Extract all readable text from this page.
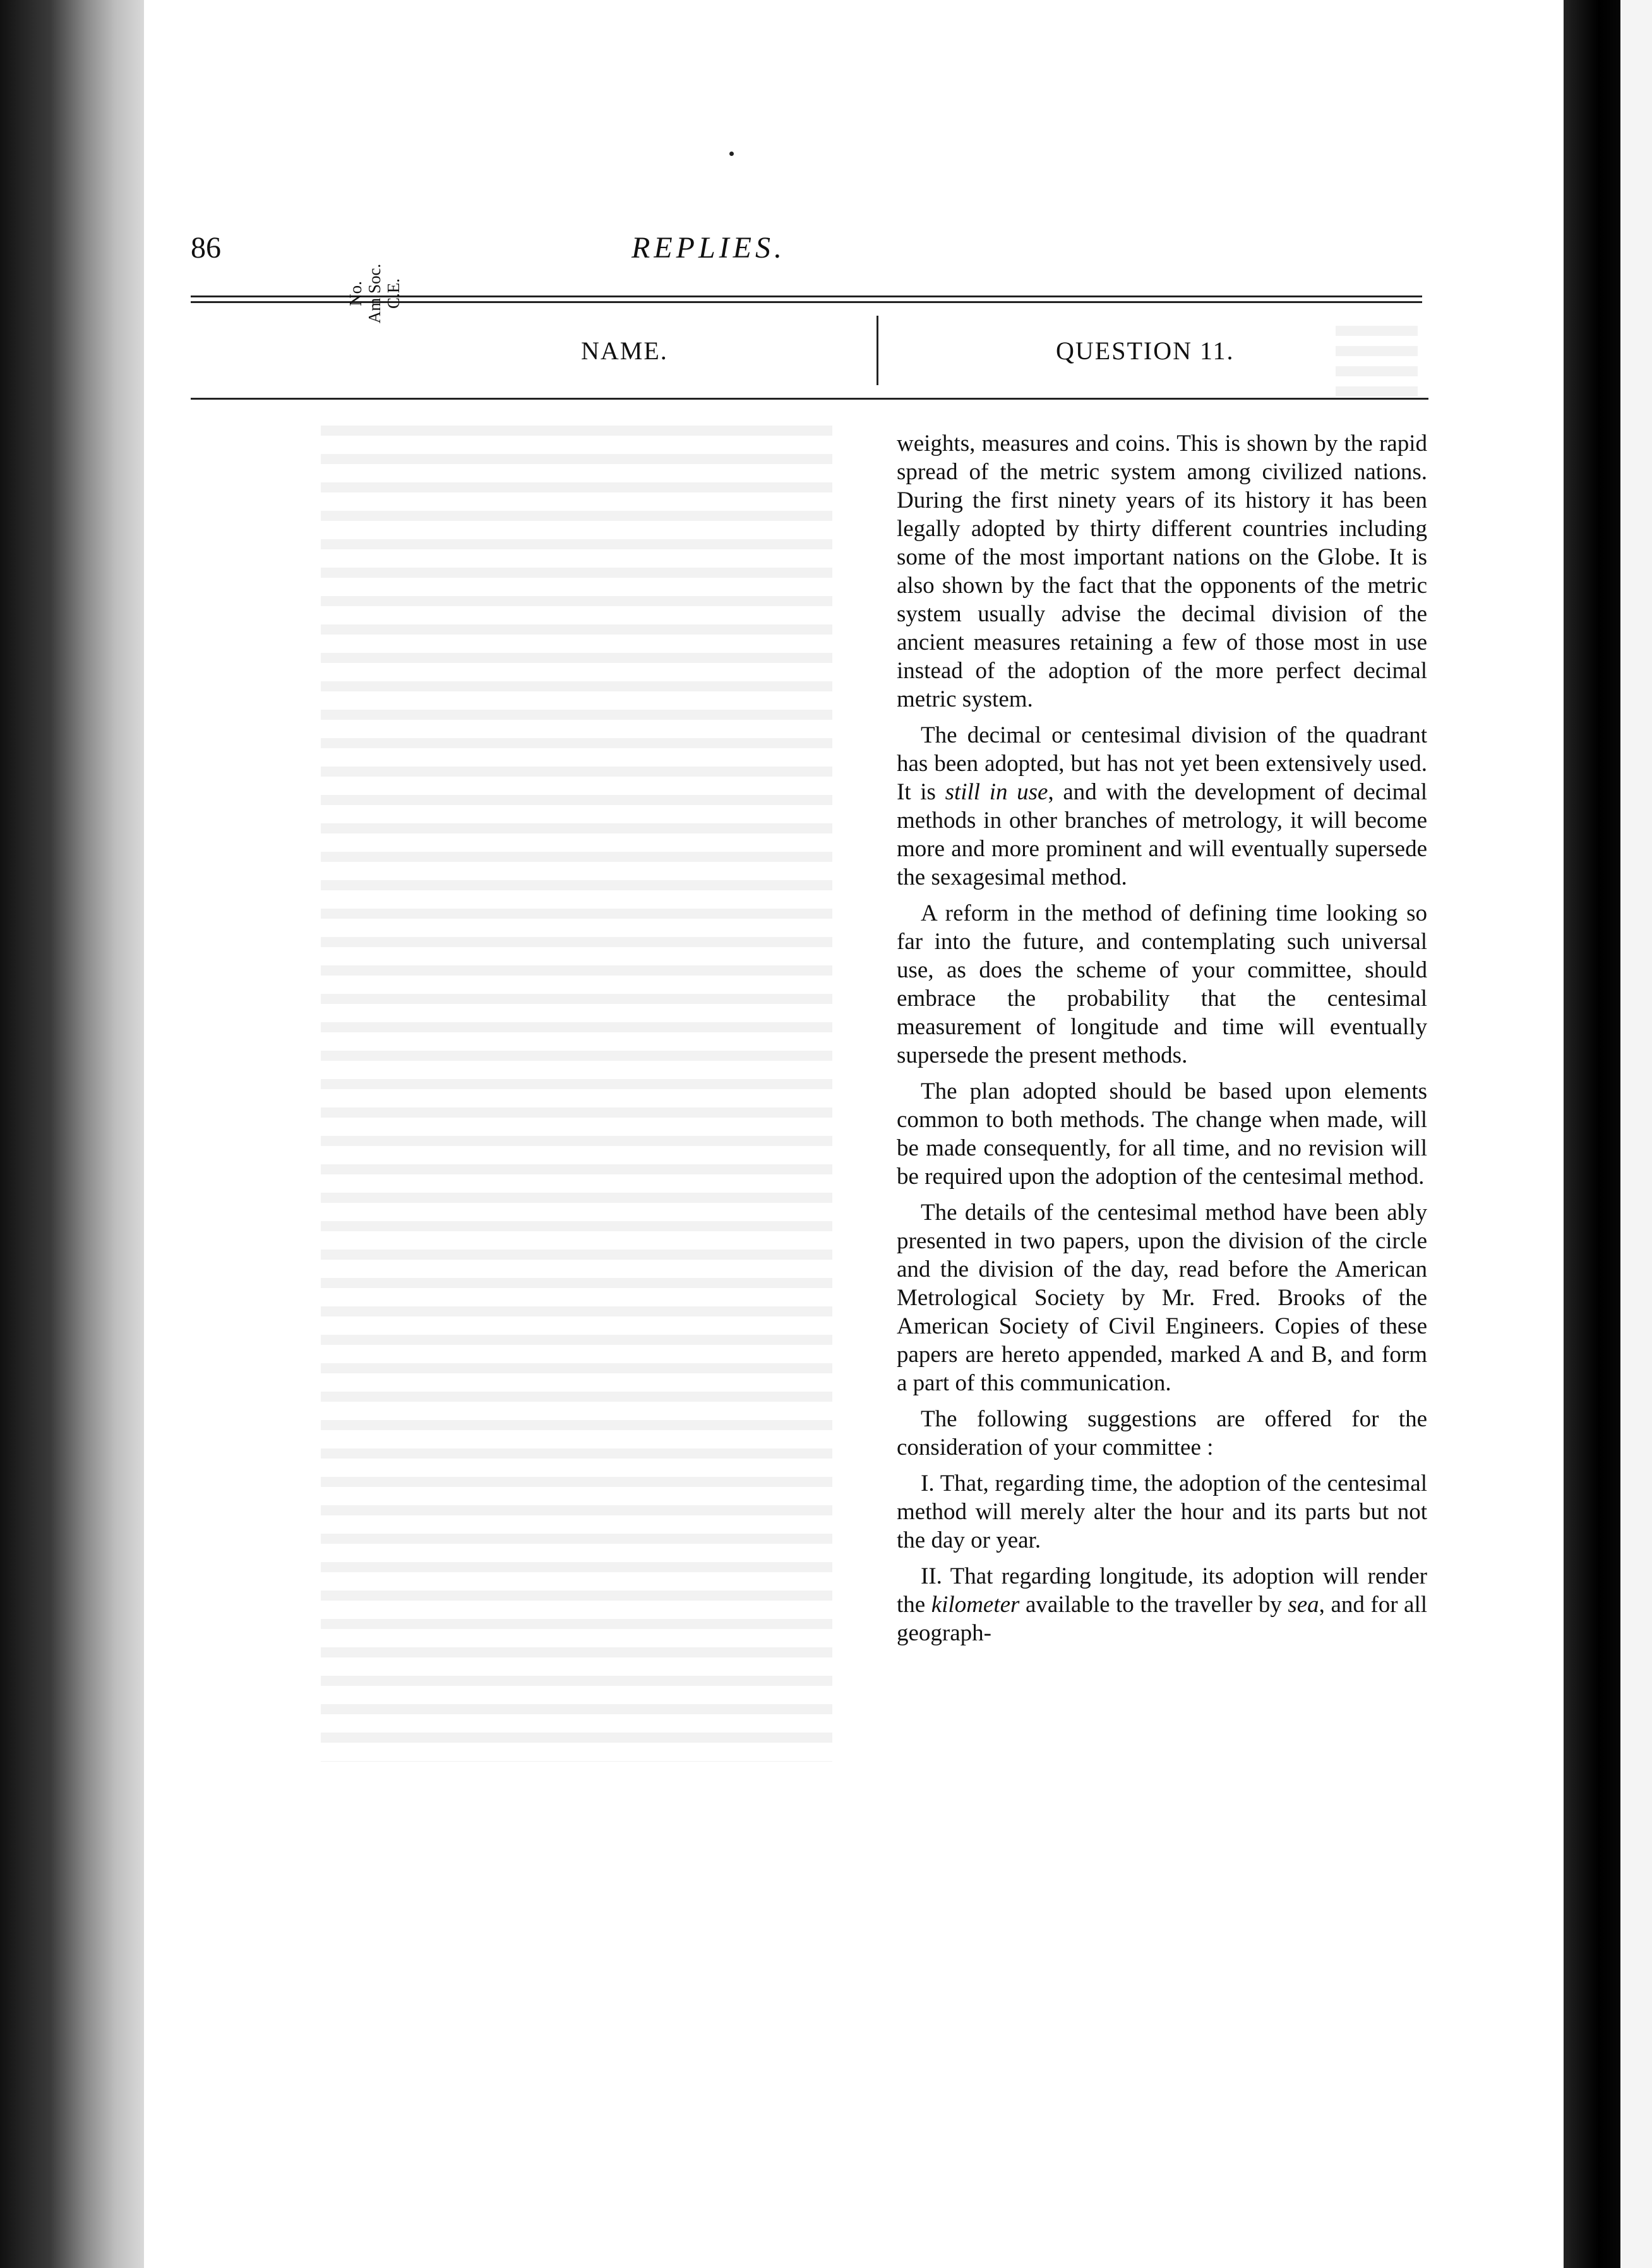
86	REPLIES.
No. Am Soc. C.E.
NAME.	QUESTION 11.

weights, measures and coins. This is shown by the rapid spread of the metric system among civilized nations. During the first ninety years of its history it has been legally adopted by thirty different countries including some of the most important nations on the Globe. It is also shown by the fact that the opponents of the metric system usually advise the decimal division of the ancient measures retaining a few of those most in use instead of the adoption of the more perfect decimal metric system.

The decimal or centesimal division of the quadrant has been adopted, but has not yet been extensively used. It is still in use, and with the development of decimal methods in other branches of metrology, it will become more and more prominent and will eventually supersede the sexagesimal method.

A reform in the method of defining time looking so far into the future, and contemplating such universal use, as does the scheme of your committee, should embrace the probability that the centesimal measurement of longitude and time will eventually supersede the present methods.

The plan adopted should be based upon elements common to both methods. The change when made, will be made consequently, for all time, and no revision will be required upon the adoption of the centesimal method.

The details of the centesimal method have been ably presented in two papers, upon the division of the circle and the division of the day, read before the American Metrological Society by Mr. Fred. Brooks of the American Society of Civil Engineers. Copies of these papers are hereto appended, marked A and B, and form a part of this communication.

The following suggestions are offered for the consideration of your committee :

I. That, regarding time, the adoption of the centesimal method will merely alter the hour and its parts but not the day or year.

II. That regarding longitude, its adoption will render the kilometer available to the traveller by sea, and for all geograph-
